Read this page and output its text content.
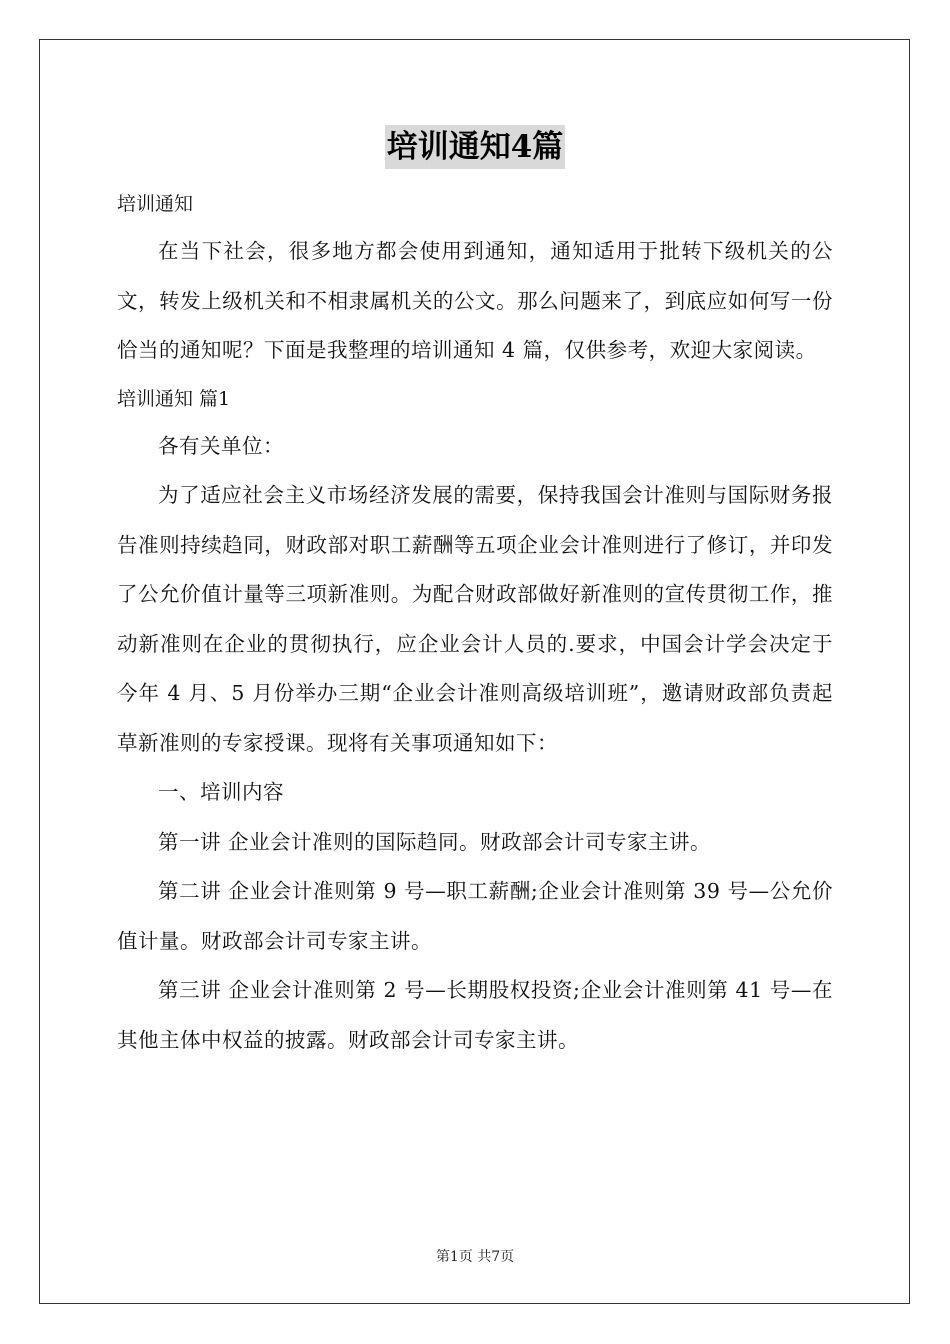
培训通知4篇

培训通知

在当下社会，很多地方都会使用到通知，通知适用于批转下级机关的公文，转发上级机关和不相隶属机关的公文。那么问题来了，到底应如何写一份恰当的通知呢？下面是我整理的培训通知 4 篇，仅供参考，欢迎大家阅读。

培训通知 篇1

各有关单位：

为了适应社会主义市场经济发展的需要，保持我国会计准则与国际财务报告准则持续趋同，财政部对职工薪酬等五项企业会计准则进行了修订，并印发了公允价值计量等三项新准则。为配合财政部做好新准则的宣传贯彻工作，推动新准则在企业的贯彻执行，应企业会计人员的.要求，中国会计学会决定于今年 4 月、5 月份举办三期“企业会计准则高级培训班”，邀请财政部负责起草新准则的专家授课。现将有关事项通知如下：

一、培训内容

第一讲 企业会计准则的国际趋同。财政部会计司专家主讲。

第二讲 企业会计准则第 9 号—职工薪酬;企业会计准则第 39 号—公允价值计量。财政部会计司专家主讲。

第三讲 企业会计准则第 2 号—长期股权投资;企业会计准则第 41 号—在其他主体中权益的披露。财政部会计司专家主讲。

第1页 共7页
